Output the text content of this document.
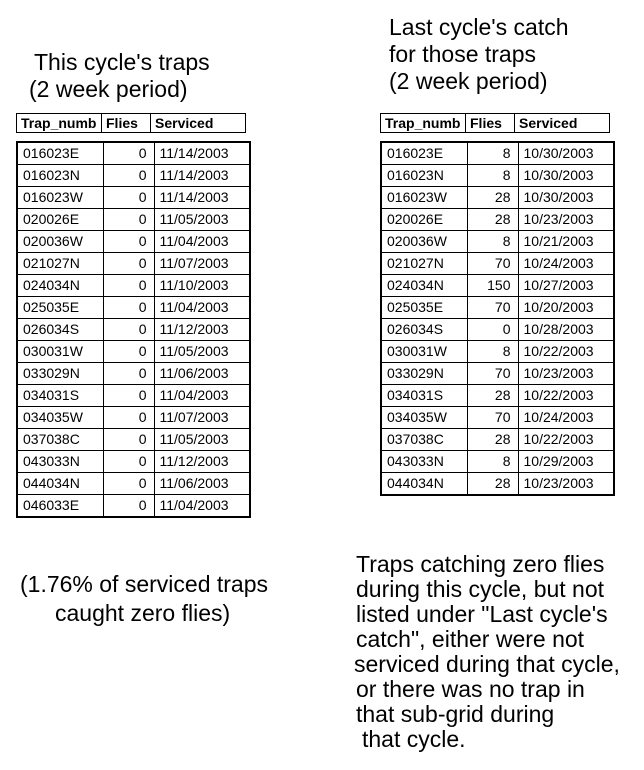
This cycle's traps
(2 week period)
Last cycle's catch
for those traps
(2 week period)
Trap_numb	Flies	Serviced
016023E	0	11/14/2003
016023N	0	11/14/2003
016023W	0	11/14/2003
020026E	0	11/05/2003
020036W	0	11/04/2003
021027N	0	11/07/2003
024034N	0	11/10/2003
025035E	0	11/04/2003
026034S	0	11/12/2003
030031W	0	11/05/2003
033029N	0	11/06/2003
034031S	0	11/04/2003
034035W	0	11/07/2003
037038C	0	11/05/2003
043033N	0	11/12/2003
044034N	0	11/06/2003
046033E	0	11/04/2003
Trap_numb	Flies	Serviced
016023E	8	10/30/2003
016023N	8	10/30/2003
016023W	28	10/30/2003
020026E	28	10/23/2003
020036W	8	10/21/2003
021027N	70	10/24/2003
024034N	150	10/27/2003
025035E	70	10/20/2003
026034S	0	10/28/2003
030031W	8	10/22/2003
033029N	70	10/23/2003
034031S	28	10/22/2003
034035W	70	10/24/2003
037038C	28	10/22/2003
043033N	8	10/29/2003
044034N	28	10/23/2003
(1.76% of serviced traps
caught zero flies)
Traps catching zero flies
during this cycle, but not
listed under "Last cycle's
catch", either were not
serviced during that cycle,
or there was no trap in
that sub-grid during
that cycle.
